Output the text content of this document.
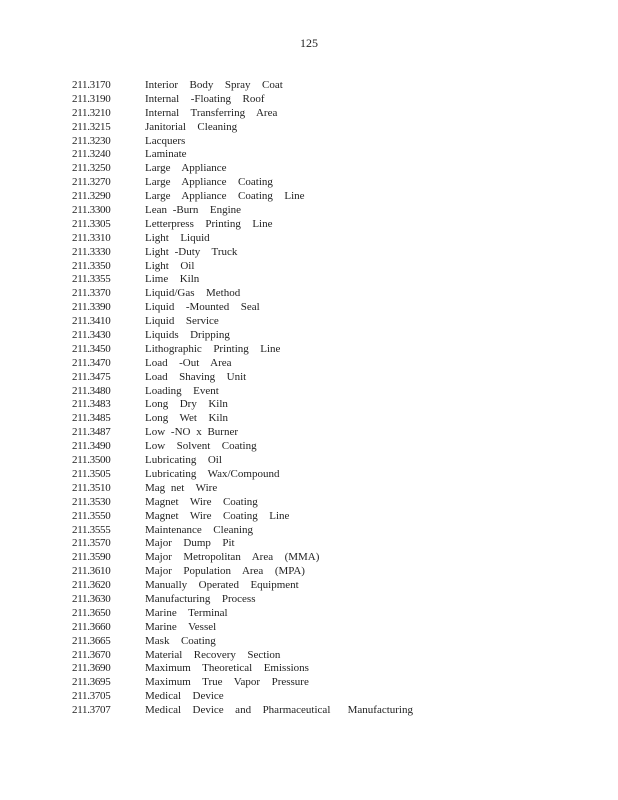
125
211.3170	Interior  Body  Spray  Coat
211.3190	Internal  -Floating  Roof
211.3210	Internal  Transferring  Area
211.3215	Janitorial  Cleaning
211.3230	Lacquers
211.3240	Laminate
211.3250	Large  Appliance
211.3270	Large  Appliance  Coating
211.3290	Large  Appliance  Coating  Line
211.3300	Lean -Burn  Engine
211.3305	Letterpress  Printing  Line
211.3310	Light  Liquid
211.3330	Light -Duty  Truck
211.3350	Light  Oil
211.3355	Lime  Kiln
211.3370	Liquid/Gas  Method
211.3390	Liquid  -Mounted  Seal
211.3410	Liquid  Service
211.3430	Liquids  Dripping
211.3450	Lithographic  Printing  Line
211.3470	Load  -Out  Area
211.3475	Load  Shaving  Unit
211.3480	Loading  Event
211.3483	Long  Dry  Kiln
211.3485	Long  Wet  Kiln
211.3487	Low -NO x Burner
211.3490	Low  Solvent  Coating
211.3500	Lubricating  Oil
211.3505	Lubricating  Wax/Compound
211.3510	Mag net  Wire
211.3530	Magnet  Wire  Coating
211.3550	Magnet  Wire  Coating  Line
211.3555	Maintenance  Cleaning
211.3570	Major  Dump  Pit
211.3590	Major  Metropolitan  Area  (MMA)
211.3610	Major  Population  Area  (MPA)
211.3620	Manually  Operated  Equipment
211.3630	Manufacturing  Process
211.3650	Marine  Terminal
211.3660	Marine  Vessel
211.3665	Mask  Coating
211.3670	Material  Recovery  Section
211.3690	Maximum  Theoretical  Emissions
211.3695	Maximum  True  Vapor  Pressure
211.3705	Medical  Device
211.3707	Medical  Device  and  Pharmaceutical   Manufacturing
